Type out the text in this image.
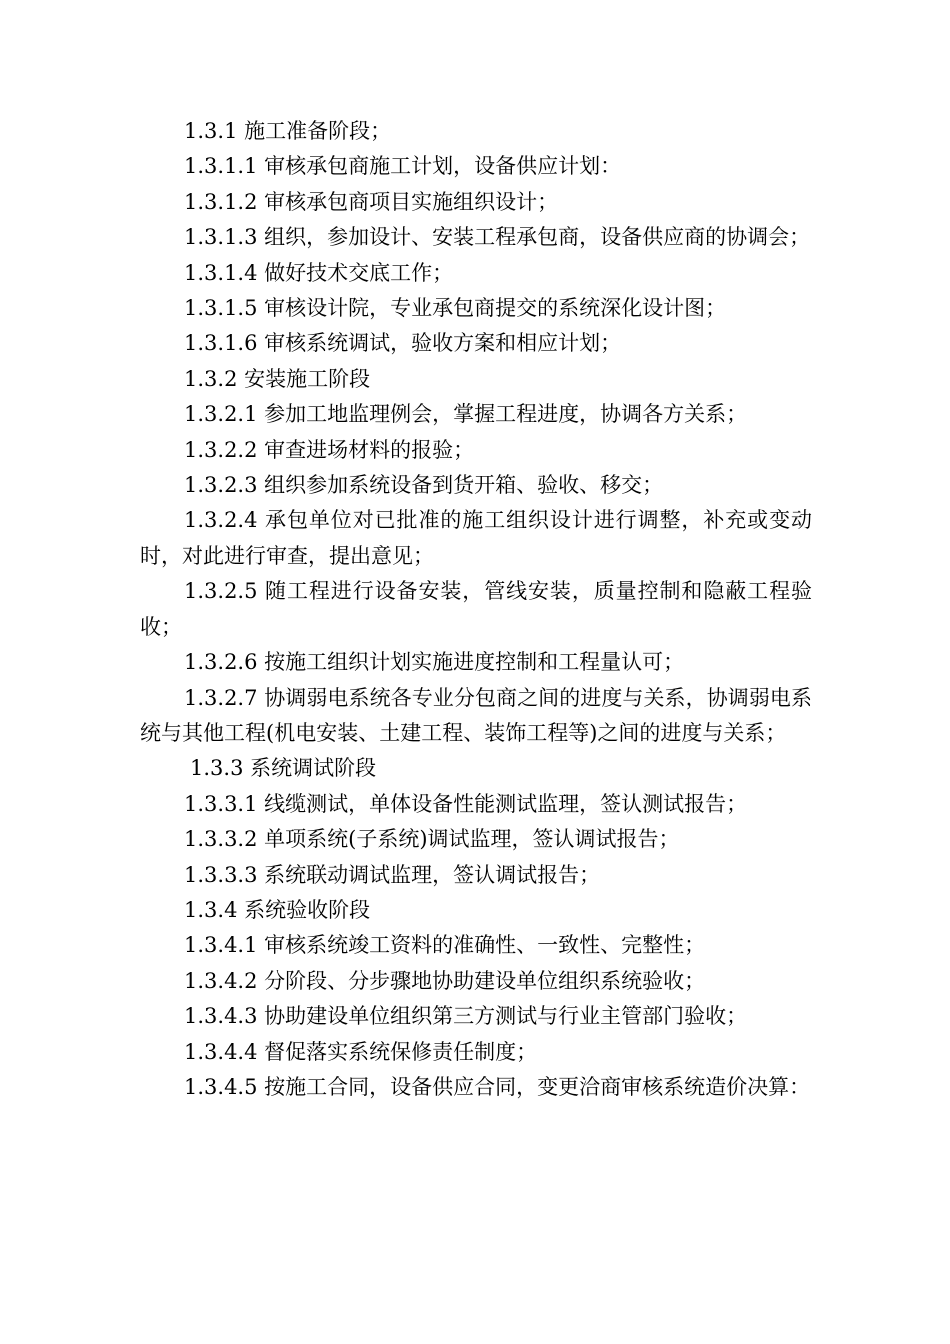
1.3.1 施工准备阶段；

1.3.1.1 审核承包商施工计划，设备供应计划：

1.3.1.2 审核承包商项目实施组织设计；

1.3.1.3 组织，参加设计、安装工程承包商，设备供应商的协调会；

1.3.1.4 做好技术交底工作；

1.3.1.5 审核设计院，专业承包商提交的系统深化设计图；

1.3.1.6 审核系统调试，验收方案和相应计划；

1.3.2 安装施工阶段

1.3.2.1 参加工地监理例会，掌握工程进度，协调各方关系；

1.3.2.2 审查进场材料的报验；

1.3.2.3 组织参加系统设备到货开箱、验收、移交；

1.3.2.4 承包单位对已批准的施工组织设计进行调整，补充或变动时，对此进行审查，提出意见；

1.3.2.5 随工程进行设备安装，管线安装，质量控制和隐蔽工程验收；

1.3.2.6 按施工组织计划实施进度控制和工程量认可；

1.3.2.7 协调弱电系统各专业分包商之间的进度与关系，协调弱电系统与其他工程(机电安装、土建工程、装饰工程等)之间的进度与关系；

1.3.3 系统调试阶段

1.3.3.1 线缆测试，单体设备性能测试监理，签认测试报告；

1.3.3.2 单项系统(子系统)调试监理，签认调试报告；

1.3.3.3 系统联动调试监理，签认调试报告；

1.3.4 系统验收阶段

1.3.4.1 审核系统竣工资料的准确性、一致性、完整性；

1.3.4.2 分阶段、分步骤地协助建设单位组织系统验收；

1.3.4.3 协助建设单位组织第三方测试与行业主管部门验收；

1.3.4.4 督促落实系统保修责任制度；

1.3.4.5 按施工合同，设备供应合同，变更洽商审核系统造价决算：
